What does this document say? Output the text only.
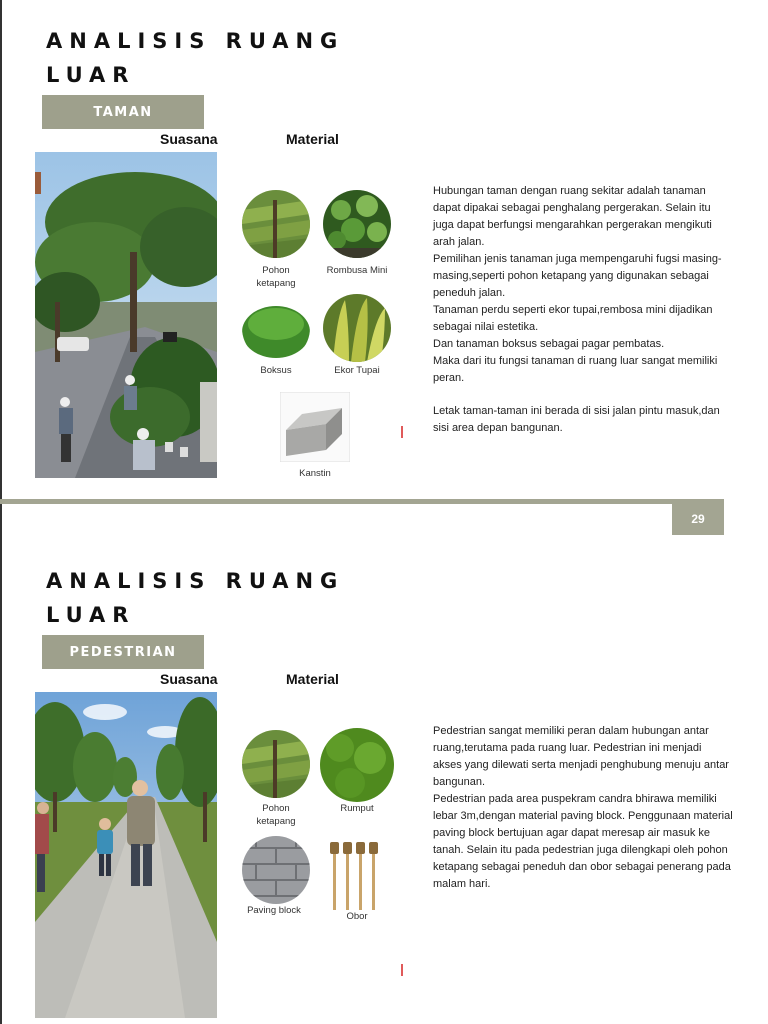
ANALISIS RUANG LUAR
TAMAN
Suasana	Material
Pohon ketapang
Rombusa Mini
Boksus	Ekor Tupai
Kanstin

Hubungan taman dengan ruang sekitar adalah tanaman dapat dipakai sebagai penghalang pergerakan. Selain itu juga dapat berfungsi mengarahkan pergerakan mengikuti arah jalan.

Pemilihan jenis tanaman juga mempengaruhi fugsi masing-masing,seperti pohon ketapang yang digunakan sebagai peneduh jalan.

Tanaman perdu seperti ekor tupai,rembosa mini dijadikan sebagai nilai estetika.

Dan tanaman boksus sebagai pagar pembatas.

Maka dari itu fungsi tanaman di ruang luar sangat memiliki peran.

Letak taman-taman ini berada di sisi jalan pintu masuk,dan sisi area depan bangunan.

29
ANALISIS RUANG LUAR
PEDESTRIAN
Suasana	Material
Pohon ketapang
Rumput
Paving block
Obor

Pedestrian sangat memiliki peran dalam hubungan antar ruang,terutama pada ruang luar. Pedestrian ini menjadi akses yang dilewati serta menjadi penghubung menuju antar bangunan.

Pedestrian pada area puspekram candra bhirawa memiliki lebar 3m,dengan material paving block. Penggunaan material paving block bertujuan agar dapat meresap air masuk ke tanah. Selain itu pada pedestrian juga dilengkapi oleh pohon ketapang sebagai peneduh dan obor sebagai penerang pada malam hari.
